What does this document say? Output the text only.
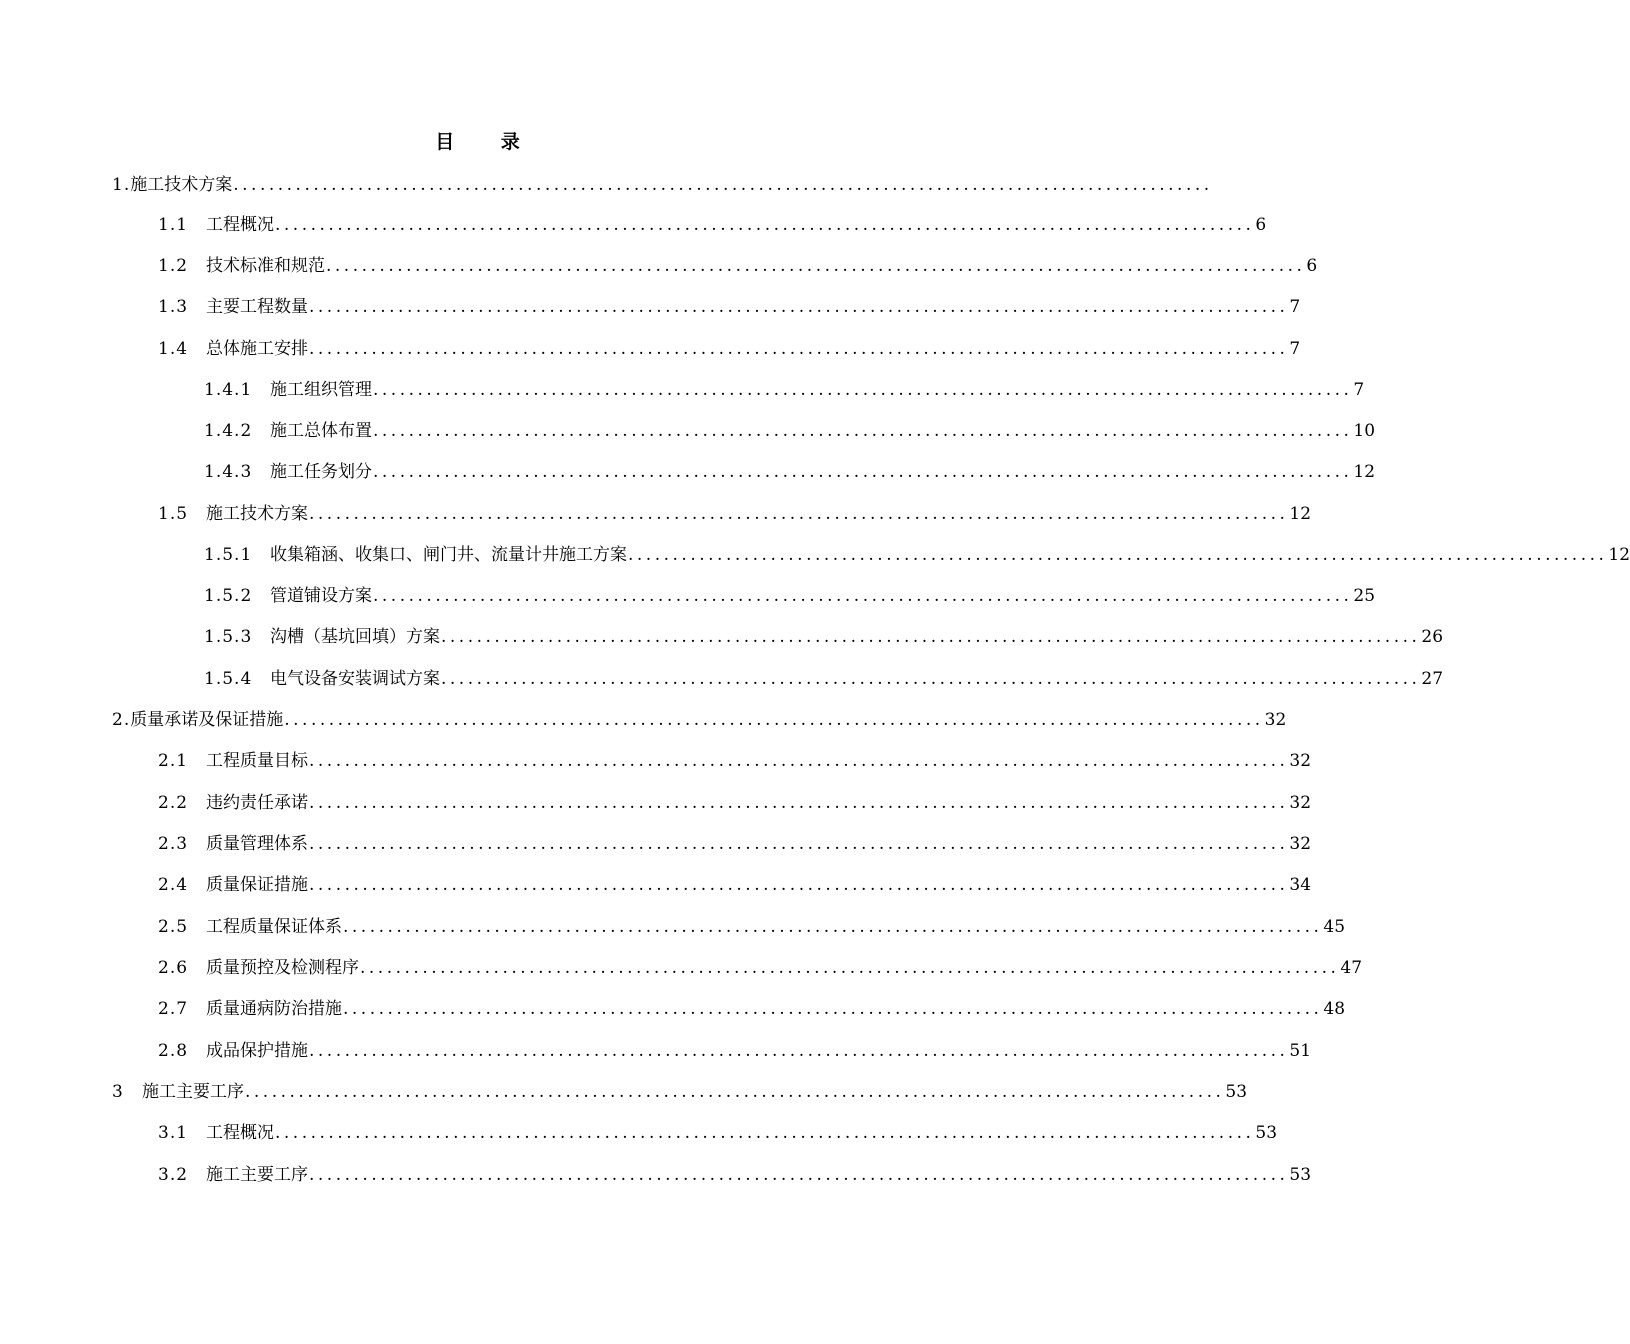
目 录
1. 施工技术方案 ..............................................................................................................
1.1	工程概况 .............................................................................................................. 6
1.2	技术标准和规范 .............................................................................................................. 6
1.3	主要工程数量 .............................................................................................................. 7
1.4	总体施工安排 .............................................................................................................. 7
1.4.1	施工组织管理 .............................................................................................................. 7
1.4.2	施工总体布置 .............................................................................................................. 10
1.4.3	施工任务划分 .............................................................................................................. 12
1.5	施工技术方案 .............................................................................................................. 12
1.5.1	收集箱涵、收集口、闸门井、流量计井施工方案 .............................................................................................................. 12
1.5.2	管道铺设方案 .............................................................................................................. 25
1.5.3	沟槽（基坑回填）方案 .............................................................................................................. 26
1.5.4	电气设备安装调试方案 .............................................................................................................. 27
2. 质量承诺及保证措施 .............................................................................................................. 32
2.1	工程质量目标 .............................................................................................................. 32
2.2	违约责任承诺 .............................................................................................................. 32
2.3	质量管理体系 .............................................................................................................. 32
2.4	质量保证措施 .............................................................................................................. 34
2.5	工程质量保证体系 .............................................................................................................. 45
2.6	质量预控及检测程序 .............................................................................................................. 47
2.7	质量通病防治措施 .............................................................................................................. 48
2.8	成品保护措施 .............................................................................................................. 51
3	施工主要工序 .............................................................................................................. 53
3.1	工程概况 .............................................................................................................. 53
3.2	施工主要工序 .............................................................................................................. 53
